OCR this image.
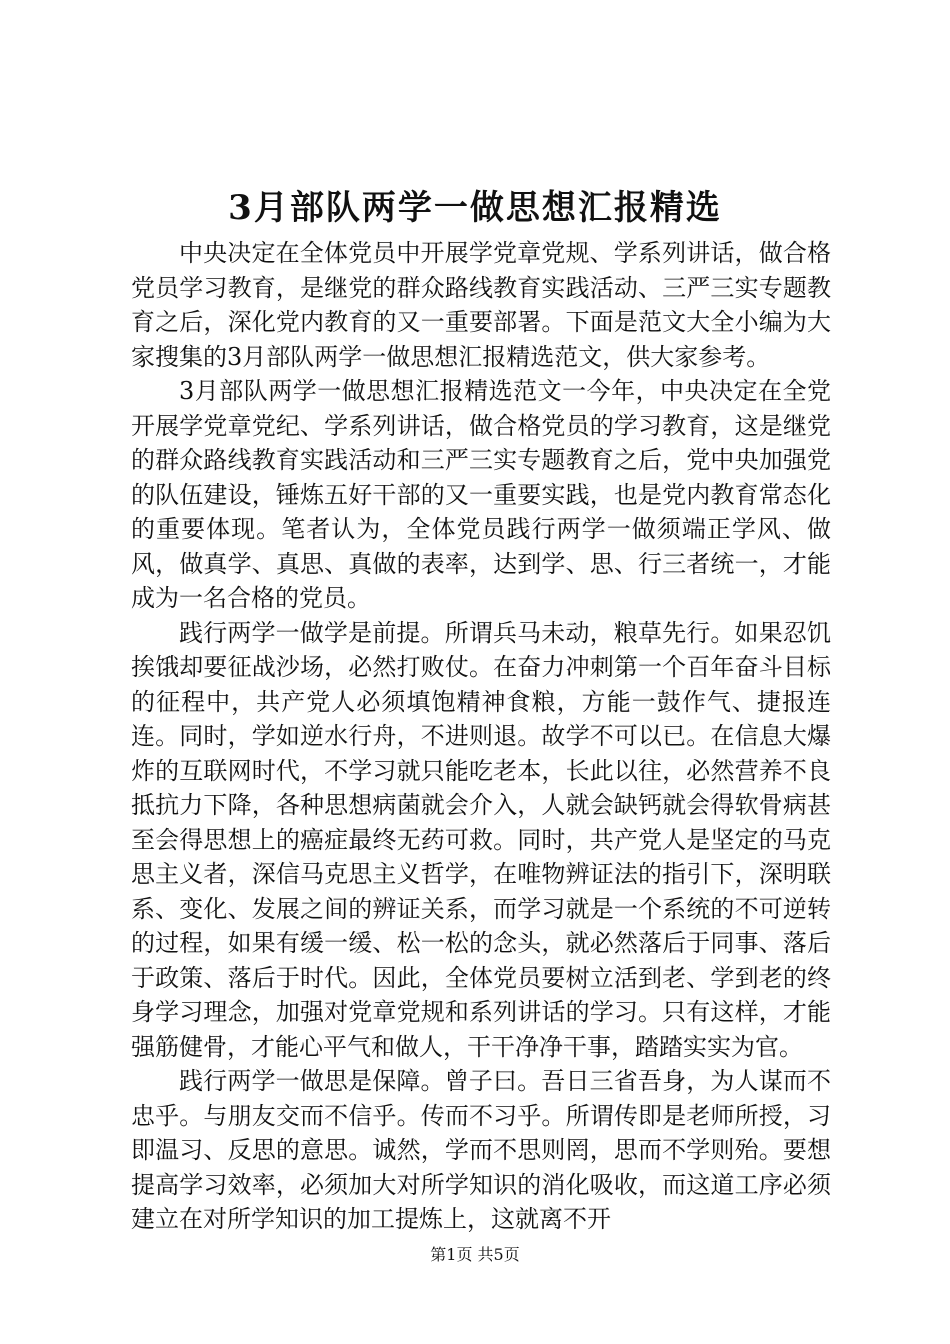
3月部队两学一做思想汇报精选

中央决定在全体党员中开展学党章党规、学系列讲话，做合格党员学习教育，是继党的群众路线教育实践活动、三严三实专题教育之后，深化党内教育的又一重要部署。下面是范文大全小编为大家搜集的3月部队两学一做思想汇报精选范文，供大家参考。

3月部队两学一做思想汇报精选范文一今年，中央决定在全党开展学党章党纪、学系列讲话，做合格党员的学习教育，这是继党的群众路线教育实践活动和三严三实专题教育之后，党中央加强党的队伍建设，锤炼五好干部的又一重要实践，也是党内教育常态化的重要体现。笔者认为，全体党员践行两学一做须端正学风、做风，做真学、真思、真做的表率，达到学、思、行三者统一，才能成为一名合格的党员。

践行两学一做学是前提。所谓兵马未动，粮草先行。如果忍饥挨饿却要征战沙场，必然打败仗。在奋力冲刺第一个百年奋斗目标的征程中，共产党人必须填饱精神食粮，方能一鼓作气、捷报连连。同时，学如逆水行舟，不进则退。故学不可以已。在信息大爆炸的互联网时代，不学习就只能吃老本，长此以往，必然营养不良抵抗力下降，各种思想病菌就会介入，人就会缺钙就会得软骨病甚至会得思想上的癌症最终无药可救。同时，共产党人是坚定的马克思主义者，深信马克思主义哲学，在唯物辨证法的指引下，深明联系、变化、发展之间的辨证关系，而学习就是一个系统的不可逆转的过程，如果有缓一缓、松一松的念头，就必然落后于同事、落后于政策、落后于时代。因此，全体党员要树立活到老、学到老的终身学习理念，加强对党章党规和系列讲话的学习。只有这样，才能强筋健骨，才能心平气和做人，干干净净干事，踏踏实实为官。

践行两学一做思是保障。曾子曰。吾日三省吾身，为人谋而不忠乎。与朋友交而不信乎。传而不习乎。所谓传即是老师所授，习即温习、反思的意思。诚然，学而不思则罔，思而不学则殆。要想提高学习效率，必须加大对所学知识的消化吸收，而这道工序必须建立在对所学知识的加工提炼上，这就离不开

第1页 共5页
